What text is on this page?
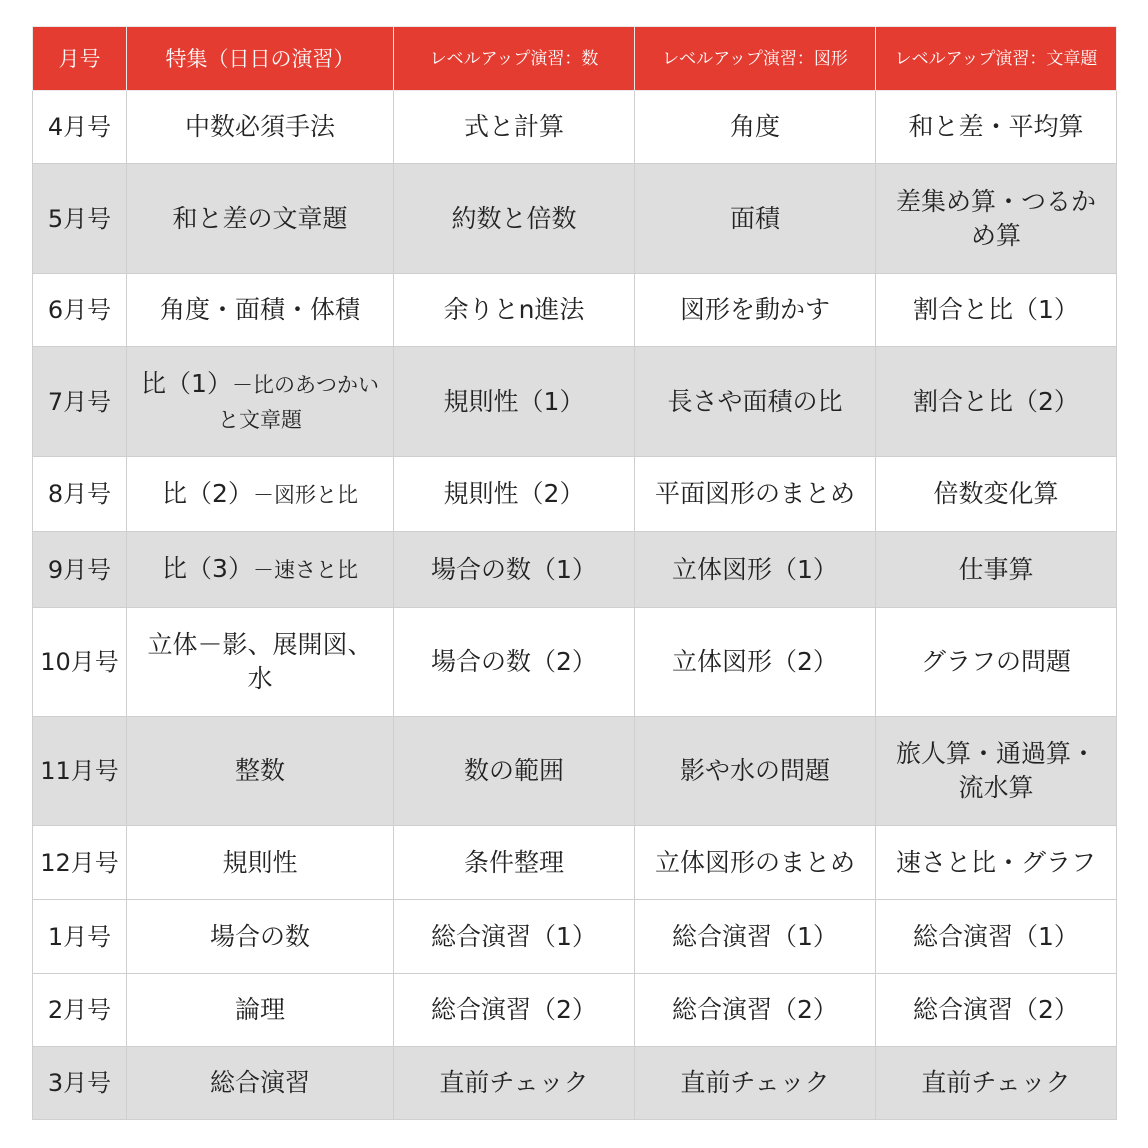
月号	特集（日日の演習）	レベルアップ演習：数	レベルアップ演習：図形	レベルアップ演習：文章題
4月号	中数必須手法	式と計算	角度	和と差・平均算
5月号	和と差の文章題	約数と倍数	面積	差集め算・つるかめ算
6月号	角度・面積・体積	余りとn進法	図形を動かす	割合と比（1）
7月号	比（1）－比のあつかいと文章題	規則性（1）	長さや面積の比	割合と比（2）
8月号	比（2）－図形と比	規則性（2）	平面図形のまとめ	倍数変化算
9月号	比（3）－速さと比	場合の数（1）	立体図形（1）	仕事算
10月号	立体－影、展開図、水	場合の数（2）	立体図形（2）	グラフの問題
11月号	整数	数の範囲	影や水の問題	旅人算・通過算・流水算
12月号	規則性	条件整理	立体図形のまとめ	速さと比・グラフ
1月号	場合の数	総合演習（1）	総合演習（1）	総合演習（1）
2月号	論理	総合演習（2）	総合演習（2）	総合演習（2）
3月号	総合演習	直前チェック	直前チェック	直前チェック
